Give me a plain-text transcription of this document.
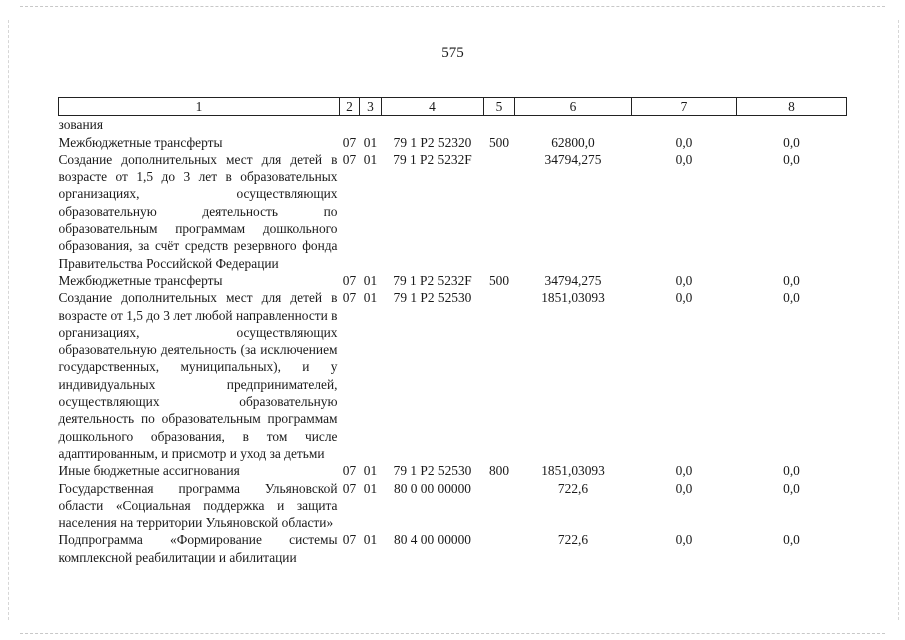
575
1	2	3	4	5	6	7	8
зования							
Межбюджетные трансферты	07	01	79 1 P2 52320	500	62800,0	0,0	0,0
Создание дополнительных мест для детей в возрасте от 1,5 до 3 лет в образовательных организациях, осуществляющих образовательную деятельность по образовательным программам дошкольного образования, за счёт средств резервного фонда Правительства Российской Федерации	07	01	79 1 P2 5232F		34794,275	0,0	0,0
Межбюджетные трансферты	07	01	79 1 P2 5232F	500	34794,275	0,0	0,0
Создание дополнительных мест для детей в возрасте от 1,5 до 3 лет любой направленности в организациях, осуществляющих образовательную деятельность (за исключением государственных, муниципальных), и у индивидуальных предпринимателей, осуществляющих образовательную деятельность по образовательным программам дошкольного образования, в том числе адаптированным, и присмотр и уход за детьми	07	01	79 1 P2 52530		1851,03093	0,0	0,0
Иные бюджетные ассигнования	07	01	79 1 P2 52530	800	1851,03093	0,0	0,0
Государственная программа Ульяновской области «Социальная поддержка и защита населения на территории Ульяновской области»	07	01	80 0 00 00000		722,6	0,0	0,0
Подпрограмма «Формирование системы комплексной реабилитации и абилитации	07	01	80 4 00 00000		722,6	0,0	0,0
